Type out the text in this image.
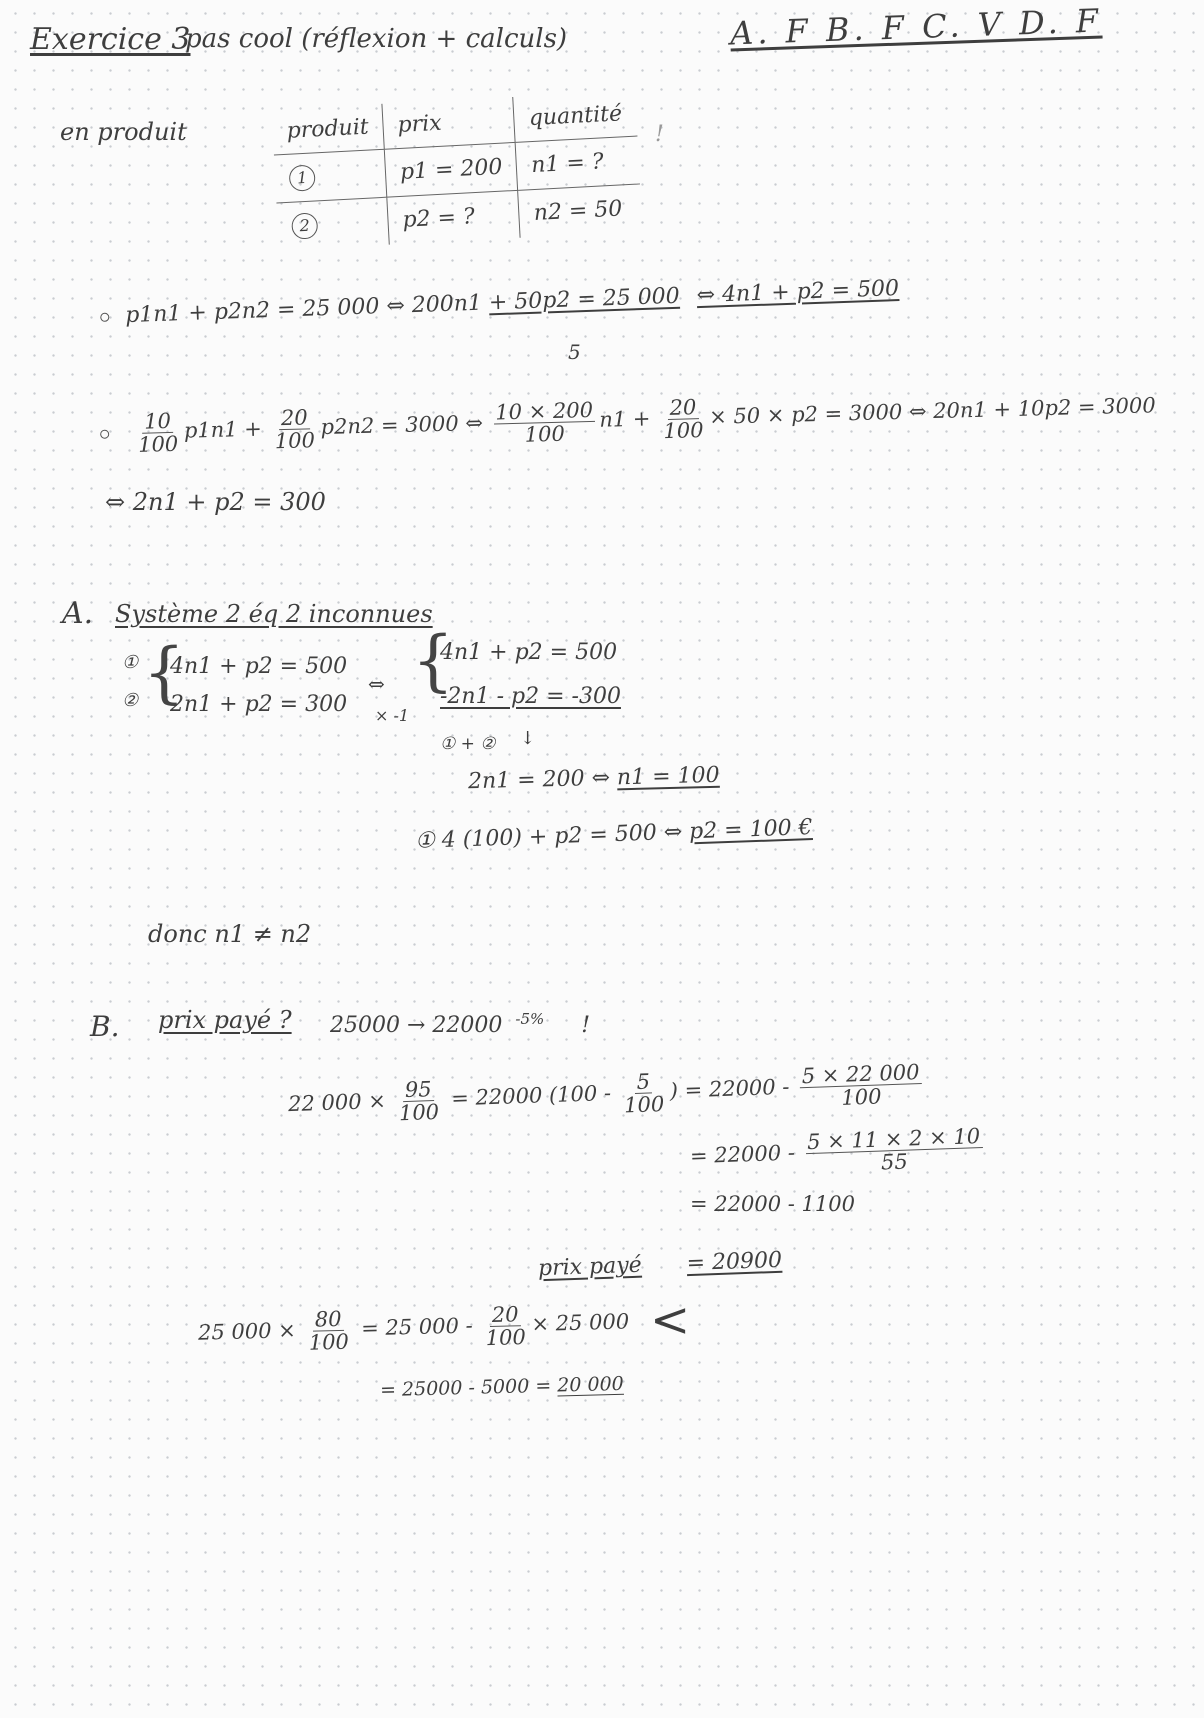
Exercice 3
pas cool (réflexion + calculs)	A. F B. F C. V D. F
en produit	produit	prix	quantité
1	p1 = 200	n1 = ?
2	p2 = ?	n2 = 50
!
p1n1 + p2n2 = 25 000 ⇔ 200n1 + 50p2 = 25 000 ⇔ 4n1 + p2 = 500
5

$\frac{10}{100} p1n1 + \frac{20}{100} p2n2 = 3000$ ⇔ $\frac{10 \times 200}{100} n1 + \frac{20}{100} \times 50 \times p2 = 3000$ ⇔ 20n1 + 10p2 = 3000
⇔ 2n1 + p2 = 300
A. Système 2 éq 2 inconnues
①
② {
4n1 + p2 = 500
2n1 + p2 = 300
⇔
× -1
{
4n1 + p2 = 500
-2n1 - p2 = -300
① + ② ↓
2n1 = 200 ⇔ n1 = 100
① 4 (100) + p2 = 500 ⇔ p2 = 100 €
donc n1 ≠ n2
B. prix payé ? 25000 → 22000 -5% !
22 $000 \times \frac{95}{100} = 22000$ ($100 - \frac{5}{100}$ ) = $22000 - \frac{5 \times 22 000}{100}$
= $22000 - \frac{5 \times 11 \times 2 \times 10}{55}$
= 22000 - 1100
prix payé = 20900
25 $000 \times \frac{80}{100} = 25$ $000 - \frac{20}{100} \times 25$ 000 <
= 25000 - 5000 = 20 000
